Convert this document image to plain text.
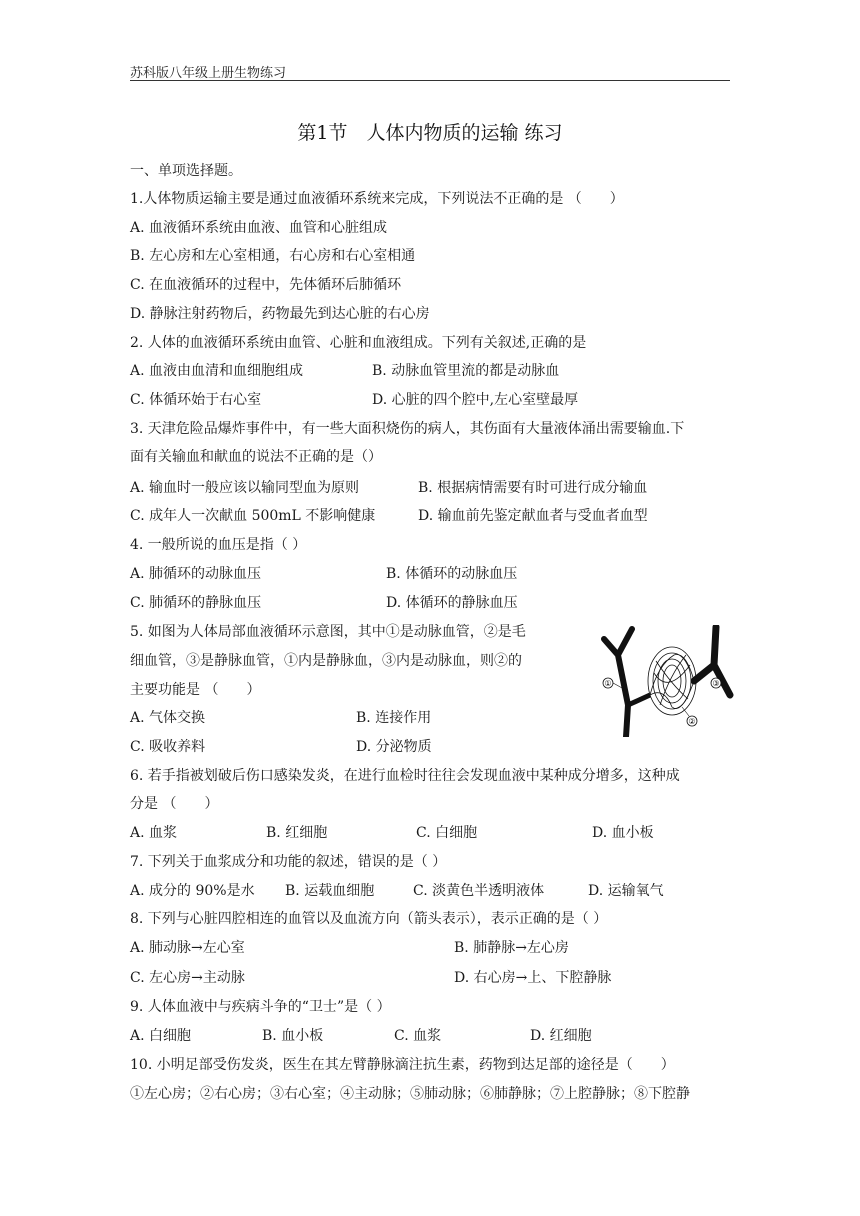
苏科版八年级上册生物练习
第1节　人体内物质的运输 练习
一、单项选择题。
1.人体物质运输主要是通过血液循环系统来完成，下列说法不正确的是 （　　）
A. 血液循环系统由血液、血管和心脏组成
B. 左心房和左心室相通，右心房和右心室相通
C. 在血液循环的过程中，先体循环后肺循环
D. 静脉注射药物后，药物最先到达心脏的右心房
2. 人体的血液循环系统由血管、心脏和血液组成。下列有关叙述,正确的是
A. 血液由血清和血细胞组成	B. 动脉血管里流的都是动脉血
C. 体循环始于右心室	D. 心脏的四个腔中,左心室壁最厚
3. 天津危险品爆炸事件中，有一些大面积烧伤的病人，其伤面有大量液体涌出需要输血.下
面有关输血和献血的说法不正确的是（）
A. 输血时一般应该以输同型血为原则	B. 根据病情需要有时可进行成分输血
C. 成年人一次献血 500mL 不影响健康	D. 输血前先鉴定献血者与受血者血型
4. 一般所说的血压是指（ ）
A. 肺循环的动脉血压	B. 体循环的动脉血压
C. 肺循环的静脉血压	D. 体循环的静脉血压
5. 如图为人体局部血液循环示意图，其中①是动脉血管，②是毛
细血管，③是静脉血管，①内是静脉血，③内是动脉血，则②的
主要功能是 （　　）
A. 气体交换	B. 连接作用
C. 吸收养料	D. 分泌物质
①
②
③
6. 若手指被划破后伤口感染发炎，在进行血检时往往会发现血液中某种成分增多，这种成
分是 （　　）
A. 血浆	B. 红细胞	C. 白细胞	D. 血小板
7. 下列关于血浆成分和功能的叙述，错误的是（ ）
A. 成分的 90%是水 B. 运载血细胞	C. 淡黄色半透明液体	D. 运输氧气
8. 下列与心脏四腔相连的血管以及血流方向（箭头表示），表示正确的是（ ）
A. 肺动脉→左心室	B. 肺静脉→左心房
C. 左心房→主动脉	D. 右心房→上、下腔静脉
9. 人体血液中与疾病斗争的“卫士”是（ ）
A. 白细胞	B. 血小板	C. 血浆	D. 红细胞
10. 小明足部受伤发炎，医生在其左臂静脉滴注抗生素，药物到达足部的途径是（　　）
①左心房；②右心房；③右心室；④主动脉；⑤肺动脉；⑥肺静脉；⑦上腔静脉；⑧下腔静
